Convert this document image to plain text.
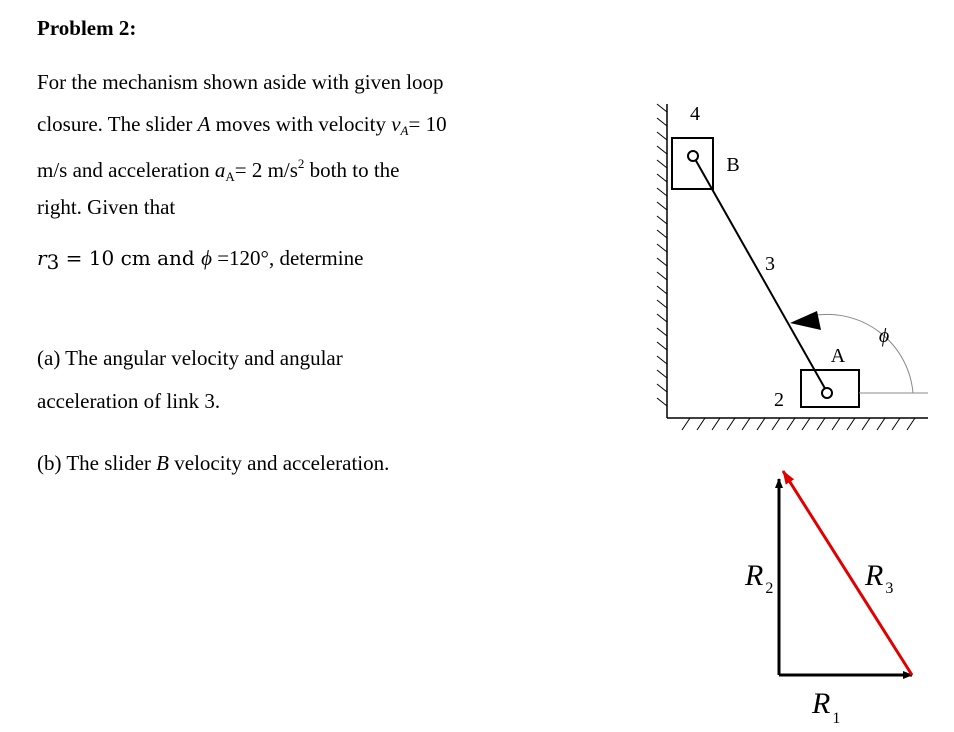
Problem 2:
For the mechanism shown aside with given loop
closure. The slider A moves with velocity $v_A= 10$
m/s and acceleration $a_A= 2$ $m/s^2$ both to the
right. Given that
r3 = 10 cm and ϕ =120°, determine
(a) The angular velocity and angular
acceleration of link 3.
(b) The slider B velocity and acceleration.
4
B
3
A
2
ϕ
R $_2$	R $_3$
R $_1$
